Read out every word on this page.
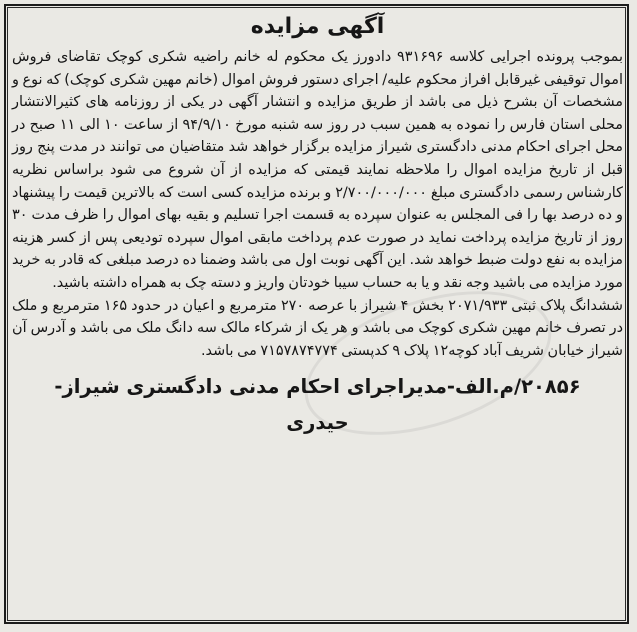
آگهی مزایده

بموجب پرونده اجرایی کلاسه ۹۳۱۶۹۶ دادورز یک محکوم له خانم راضیه شکری کوچک تقاضای فروش اموال توقیفی غیرقابل افراز محکوم علیه/ اجرای دستور فروش اموال (خانم مهین شکری کوچک) که نوع و مشخصات آن بشرح ذیل می باشد از طریق مزایده و انتشار آگهی در یکی از روزنامه های کثیرالانتشار محلی استان فارس را نموده به همین سبب در روز سه شنبه مورخ ۹۴/۹/۱۰ از ساعت ۱۰ الی ۱۱ صبح در محل اجرای احکام مدنی دادگستری شیراز مزایده برگزار خواهد شد متقاضیان می توانند در مدت پنج روز قبل از تاریخ مزایده اموال را ملاحظه نمایند قیمتی که مزایده از آن شروع می شود براساس نظریه کارشناس رسمی دادگستری مبلغ ۲/۷۰۰/۰۰۰/۰۰۰ و برنده مزایده کسی است که بالاترین قیمت را پیشنهاد و ده درصد بها را فی المجلس به عنوان سپرده به قسمت اجرا تسلیم و بقیه بهای اموال را ظرف مدت ۳۰ روز از تاریخ مزایده پرداخت نماید در صورت عدم پرداخت مابقی اموال سپرده تودیعی پس از کسر هزینه مزایده به نفع دولت ضبط خواهد شد. این آگهی نوبت اول می باشد وضمنا ده درصد مبلغی که قادر به خرید مورد مزایده می باشید وجه نقد و یا به حساب سیبا خودتان واریز و دسته چک به همراه داشته باشید.

ششدانگ پلاک ثبتی ۲۰۷۱/۹۳۳ بخش ۴ شیراز با عرصه ۲۷۰ مترمربع و اعیان در حدود ۱۶۵ مترمربع و ملک در تصرف خانم مهین شکری کوچک می باشد و هر یک از شرکاء مالک سه دانگ ملک می باشد و آدرس آن شیراز خیابان شریف آباد کوچه۱۲ پلاک ۹ کدپستی ۷۱۵۷۸۷۴۷۷۴ می باشد.

۲۰۸۵۶/م.الف-مدیراجرای احکام مدنی دادگستری شیراز-
حیدری
